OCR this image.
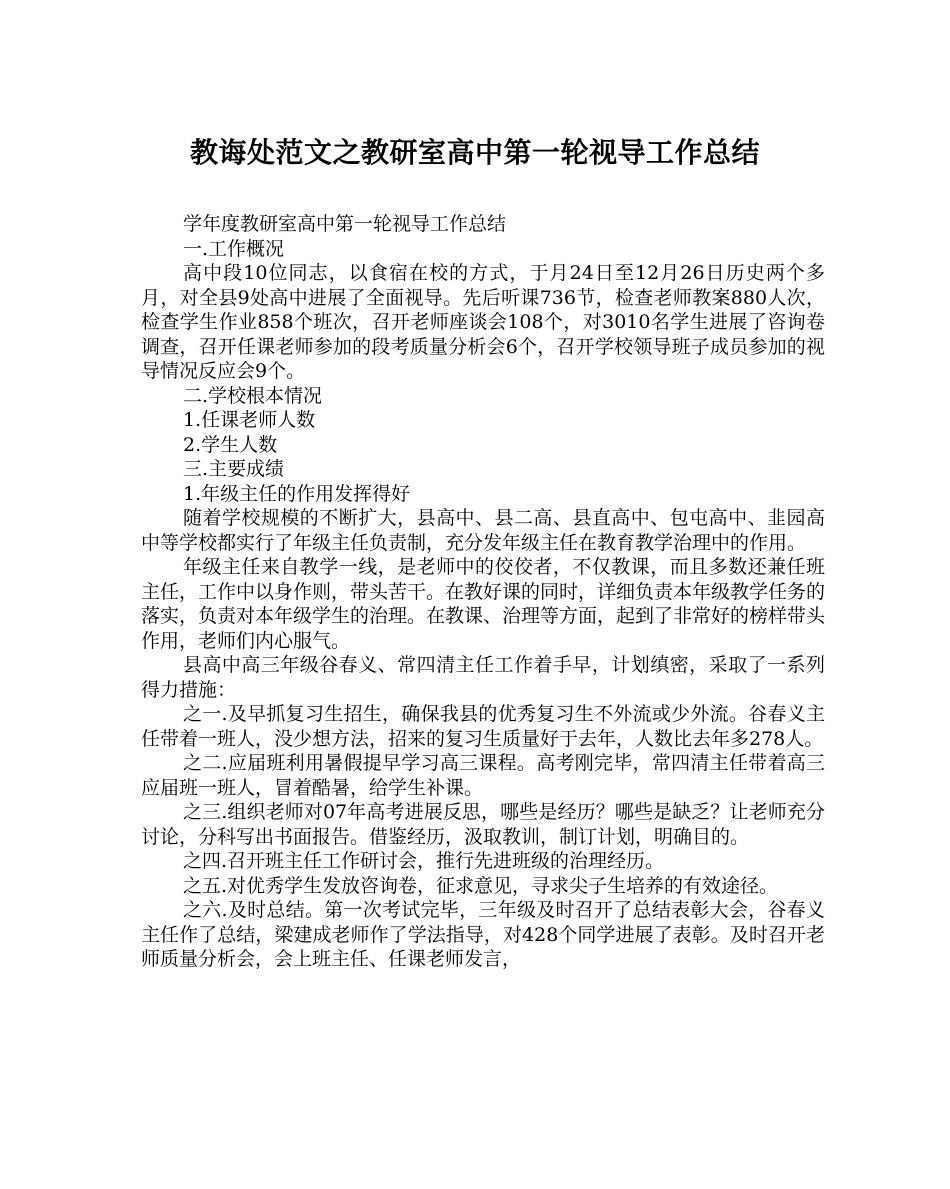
教诲处范文之教研室高中第一轮视导工作总结

学年度教研室高中第一轮视导工作总结

一.工作概况

高中段10位同志，以食宿在校的方式，于月24日至12月26日历史两个多月，对全县9处高中进展了全面视导。先后听课736节，检查老师教案880人次，检查学生作业858个班次，召开老师座谈会108个，对3010名学生进展了咨询卷调查，召开任课老师参加的段考质量分析会6个，召开学校领导班子成员参加的视导情况反应会9个。

二.学校根本情况

1.任课老师人数

2.学生人数

三.主要成绩

1.年级主任的作用发挥得好

随着学校规模的不断扩大，县高中、县二高、县直高中、包屯高中、韭园高中等学校都实行了年级主任负责制，充分发年级主任在教育教学治理中的作用。

年级主任来自教学一线，是老师中的佼佼者，不仅教课，而且多数还兼任班主任，工作中以身作则，带头苦干。在教好课的同时，详细负责本年级教学任务的落实，负责对本年级学生的治理。在教课、治理等方面，起到了非常好的榜样带头作用，老师们内心服气。

县高中高三年级谷春义、常四清主任工作着手早，计划缜密，采取了一系列得力措施：

之一.及早抓复习生招生，确保我县的优秀复习生不外流或少外流。谷春义主任带着一班人，没少想方法，招来的复习生质量好于去年，人数比去年多278人。

之二.应届班利用暑假提早学习高三课程。高考刚完毕，常四清主任带着高三应届班一班人，冒着酷暑，给学生补课。

之三.组织老师对07年高考进展反思，哪些是经历？哪些是缺乏？让老师充分讨论，分科写出书面报告。借鉴经历，汲取教训，制订计划，明确目的。

之四.召开班主任工作研讨会，推行先进班级的治理经历。

之五.对优秀学生发放咨询卷，征求意见，寻求尖子生培养的有效途径。

之六.及时总结。第一次考试完毕，三年级及时召开了总结表彰大会，谷春义主任作了总结，梁建成老师作了学法指导，对428个同学进展了表彰。及时召开老师质量分析会，会上班主任、任课老师发言，
